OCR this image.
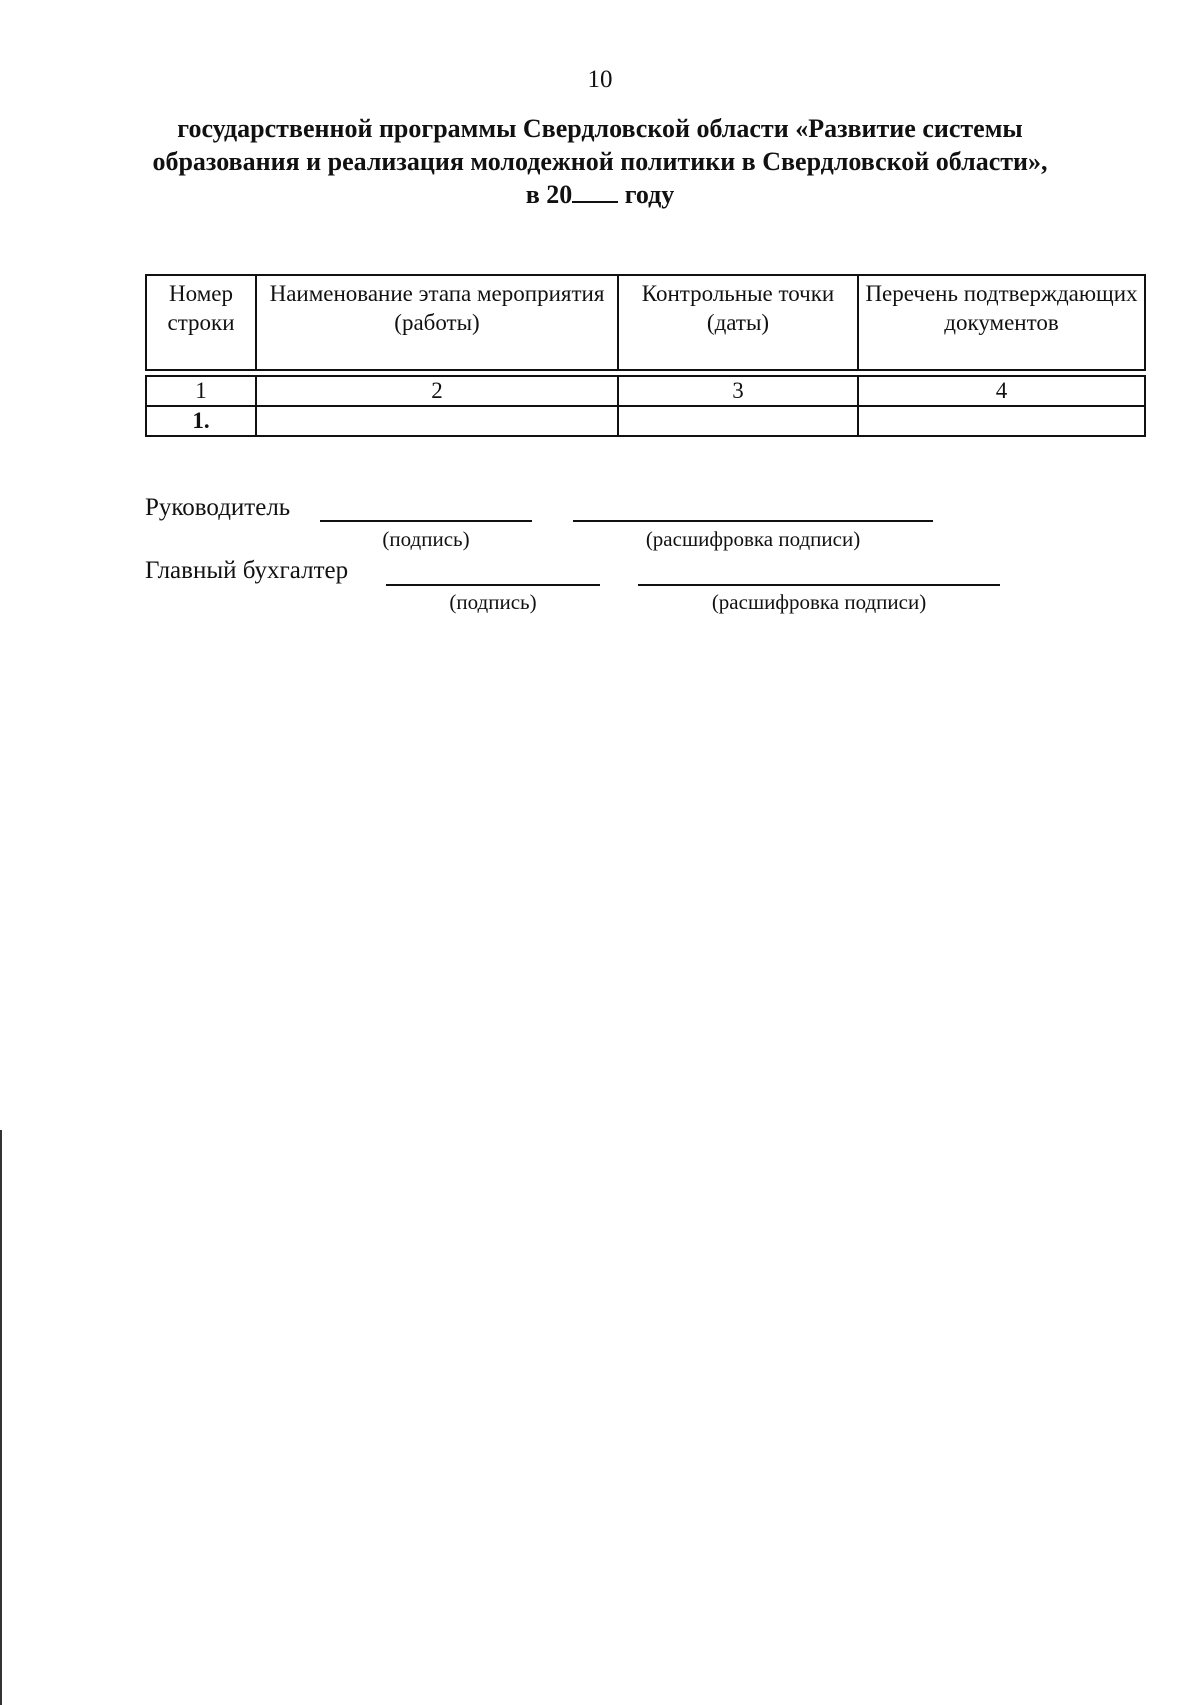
10
государственной программы Свердловской области «Развитие системы
образования и реализация молодежной политики в Свердловской области»,
в 20 году
Номер строки	Наименование этапа мероприятия (работы)	Контрольные точки (даты)	Перечень подтверждающих документов

1	2	3	4
1.			
Руководитель
(подпись)	(расшифровка подписи)
Главный бухгалтер
(подпись)	(расшифровка подписи)
